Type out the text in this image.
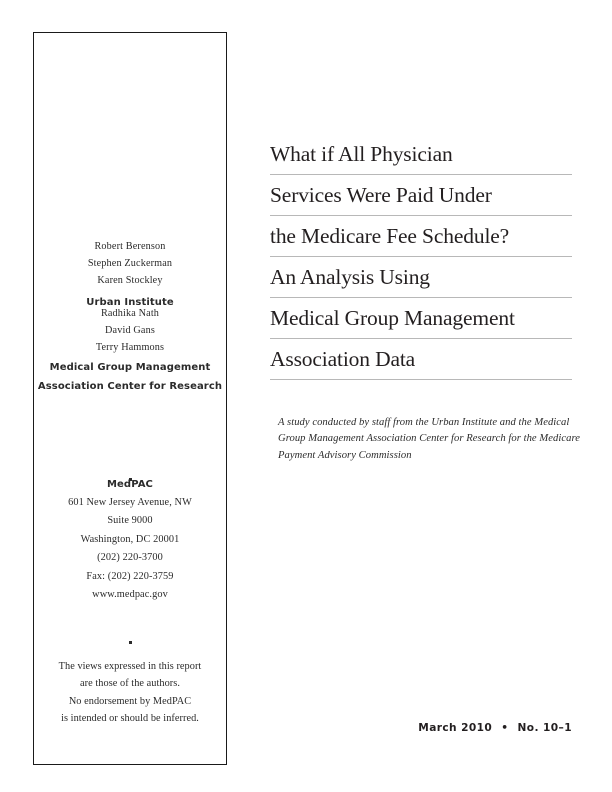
Robert Berenson
Stephen Zuckerman
Karen Stockley
Urban Institute
Radhika Nath
David Gans
Terry Hammons
Medical Group Management
Association Center for Research
MedPAC
601 New Jersey Avenue, NW
Suite 9000
Washington, DC 20001
(202) 220-3700
Fax: (202) 220-3759
www.medpac.gov
The views expressed in this report
are those of the authors.
No endorsement by MedPAC
is intended or should be inferred.
What if All Physician
Services Were Paid Under
the Medicare Fee Schedule?
An Analysis Using
Medical Group Management
Association Data
A study conducted by staff from the Urban Institute and the Medical Group Management Association Center for Research for the Medicare Payment Advisory Commission
March 2010 • No. 10–1
